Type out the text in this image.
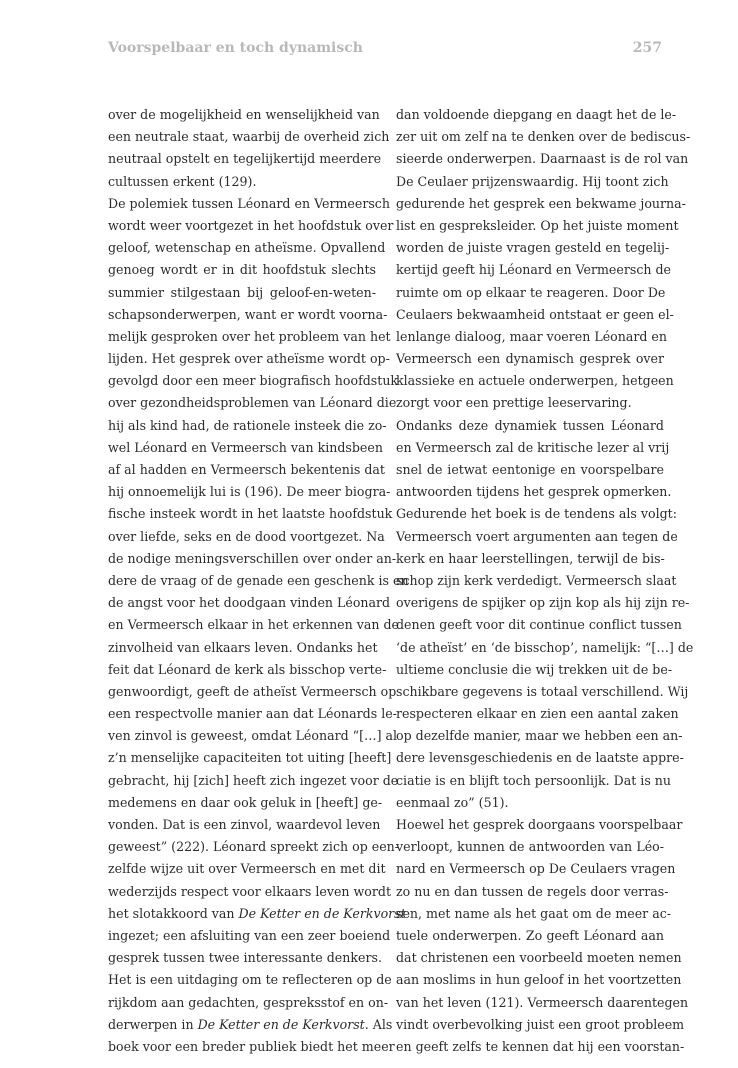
Voorspelbaar en toch dynamisch	257
over de mogelijkheid en wenselijkheid van
een neutrale staat, waarbij de overheid zich
neutraal opstelt en tegelijkertijd meerdere
cultussen erkent (129).
De polemiek tussen Léonard en Vermeersch
wordt weer voortgezet in het hoofdstuk over
geloof, wetenschap en atheïsme. Opvallend
genoeg wordt er in dit hoofdstuk slechts
summier stilgestaan bij geloof-en-weten-
schapsonderwerpen, want er wordt voorna-
melijk gesproken over het probleem van het
lijden. Het gesprek over atheïsme wordt op-
gevolgd door een meer biografisch hoofdstuk
over gezondheidsproblemen van Léonard die
hij als kind had, de rationele insteek die zo-
wel Léonard en Vermeersch van kindsbeen
af al hadden en Vermeersch bekentenis dat
hij onnoemelijk lui is (196). De meer biogra-
fische insteek wordt in het laatste hoofdstuk
over liefde, seks en de dood voortgezet. Na
de nodige meningsverschillen over onder an-
dere de vraag of de genade een geschenk is en
de angst voor het doodgaan vinden Léonard
en Vermeersch elkaar in het erkennen van de
zinvolheid van elkaars leven. Ondanks het
feit dat Léonard de kerk als bisschop verte-
genwoordigt, geeft de atheïst Vermeersch op
een respectvolle manier aan dat Léonards le-
ven zinvol is geweest, omdat Léonard “[…] al
z’n menselijke capaciteiten tot uiting [heeft]
gebracht, hij [zich] heeft zich ingezet voor de
medemens en daar ook geluk in [heeft] ge-
vonden. Dat is een zinvol, waardevol leven
geweest” (222). Léonard spreekt zich op een-
zelfde wijze uit over Vermeersch en met dit
wederzijds respect voor elkaars leven wordt
het slotakkoord van De Ketter en de Kerkvorst
ingezet; een afsluiting van een zeer boeiend
gesprek tussen twee interessante denkers.
Het is een uitdaging om te reflecteren op de
rijkdom aan gedachten, gespreksstof en on-
derwerpen in De Ketter en de Kerkvorst. Als
boek voor een breder publiek biedt het meer
dan voldoende diepgang en daagt het de le-
zer uit om zelf na te denken over de bediscus-
sieerde onderwerpen. Daarnaast is de rol van
De Ceulaer prijzenswaardig. Hij toont zich
gedurende het gesprek een bekwame journa-
list en gespreksleider. Op het juiste moment
worden de juiste vragen gesteld en tegelij-
kertijd geeft hij Léonard en Vermeersch de
ruimte om op elkaar te reageren. Door De
Ceulaers bekwaamheid ontstaat er geen el-
lenlange dialoog, maar voeren Léonard en
Vermeersch een dynamisch gesprek over
klassieke en actuele onderwerpen, hetgeen
zorgt voor een prettige leeservaring.
Ondanks deze dynamiek tussen Léonard
en Vermeersch zal de kritische lezer al vrij
snel de ietwat eentonige en voorspelbare
antwoorden tijdens het gesprek opmerken.
Gedurende het boek is de tendens als volgt:
Vermeersch voert argumenten aan tegen de
kerk en haar leerstellingen, terwijl de bis-
schop zijn kerk verdedigt. Vermeersch slaat
overigens de spijker op zijn kop als hij zijn re-
denen geeft voor dit continue conflict tussen
‘de atheïst’ en ‘de bisschop’, namelijk: “[…] de
ultieme conclusie die wij trekken uit de be-
schikbare gegevens is totaal verschillend. Wij
respecteren elkaar en zien een aantal zaken
op dezelfde manier, maar we hebben een an-
dere levensgeschiedenis en de laatste appre-
ciatie is en blijft toch persoonlijk. Dat is nu
eenmaal zo” (51).
Hoewel het gesprek doorgaans voorspelbaar
verloopt, kunnen de antwoorden van Léo-
nard en Vermeersch op De Ceulaers vragen
zo nu en dan tussen de regels door verras-
sen, met name als het gaat om de meer ac-
tuele onderwerpen. Zo geeft Léonard aan
dat christenen een voorbeeld moeten nemen
aan moslims in hun geloof in het voortzetten
van het leven (121). Vermeersch daarentegen
vindt overbevolking juist een groot probleem
en geeft zelfs te kennen dat hij een voorstan-
